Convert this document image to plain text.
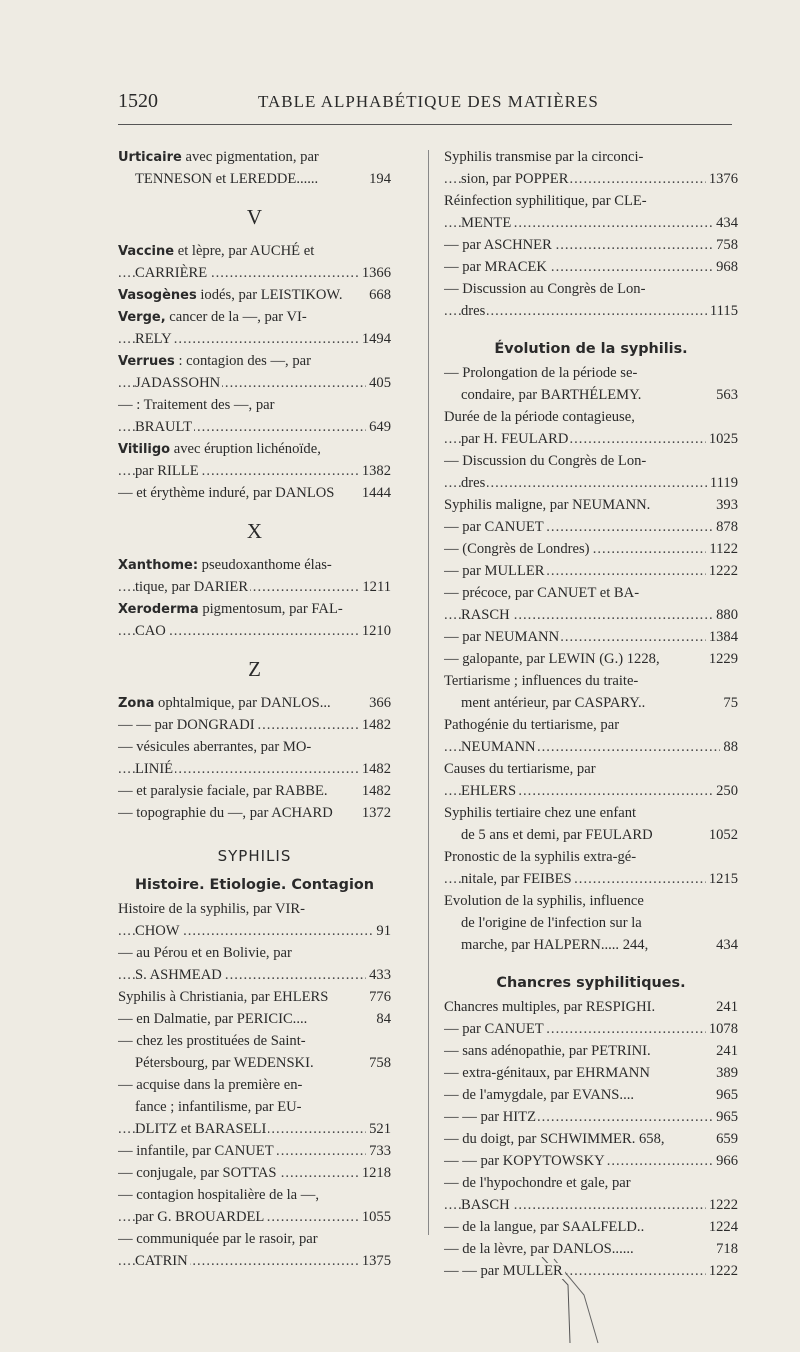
1520	TABLE ALPHABÉTIQUE DES MATIÈRES
Urticaire avec pigmentation, par
TENNESON et LEREDDE......	194
V
Vaccine et lèpre, par AUCHÉ et
..... CARRIÈRE	1366
Vasogènes iodés, par LEISTIKOW. 668
Verge, cancer de la —, par VI-
..... RELY	1494
Verrues : contagion des —, par
..... JADASSOHN	405
— : Traitement des —, par
..... BRAULT	649
Vitiligo avec éruption lichénoïde,
..... par RILLE	1382
— et érythème induré, par DANLOS 1444
X
Xanthome: pseudoxanthome élas-
..... tique, par DARIER	1211
Xeroderma pigmentosum, par FAL-
..... CAO	1210
Z
Zona ophtalmique, par DANLOS...	366
..... — — par DONGRADI	1482
— vésicules aberrantes, par MO-
..... LINIÉ	1482
— et paralysie faciale, par RABBE. 1482
— topographie du —, par ACHARD 1372
SYPHILIS
Histoire. Etiologie. Contagion
Histoire de la syphilis, par VIR-
..... CHOW	91
— au Pérou et en Bolivie, par
..... S. ASHMEAD	433
Syphilis à Christiania, par EHLERS	776
— en Dalmatie, par PERICIC....	84
— chez les prostituées de Saint-
Pétersbourg, par WEDENSKI.	758
— acquise dans la première en-
fance ; infantilisme, par EU-
..... DLITZ et BARASELI	521
..... — infantile, par CANUET	733
..... — conjugale, par SOTTAS	1218
— contagion hospitalière de la —,
..... par G. BROUARDEL	1055
— communiquée par le rasoir, par
..... CATRIN	1375
Syphilis transmise par la circonci-
..... sion, par POPPER	1376
Réinfection syphilitique, par CLE-
..... MENTE	434
..... — par ASCHNER	758
..... — par MRACEK	968
— Discussion au Congrès de Lon-
..... dres	1115
Évolution de la syphilis.
— Prolongation de la période se-
condaire, par BARTHÉLEMY.	563
Durée de la période contagieuse,
..... par H. FEULARD	1025
— Discussion du Congrès de Lon-
..... dres	1119
Syphilis maligne, par NEUMANN.	393
..... — par CANUET	878
..... — (Congrès de Londres)	1122
..... — par MULLER	1222
— précoce, par CANUET et BA-
..... RASCH	880
..... — par NEUMANN	1384
— galopante, par LEWIN (G.) 1228,	1229
Tertiarisme ; influences du traite-
ment antérieur, par CASPARY..	75
Pathogénie du tertiarisme, par
..... NEUMANN	88
Causes du tertiarisme, par
..... EHLERS	250
Syphilis tertiaire chez une enfant
de 5 ans et demi, par FEULARD	1052
Pronostic de la syphilis extra-gé-
..... nitale, par FEIBES	1215
Evolution de la syphilis, influence
de l'origine de l'infection sur la
marche, par HALPERN..... 244,	434
Chancres syphilitiques.
Chancres multiples, par RESPIGHI.	241
..... — par CANUET	1078
— sans adénopathie, par PETRINI.	241
— extra-génitaux, par EHRMANN	389
— de l'amygdale, par EVANS....	965
..... — — par HITZ	965
— du doigt, par SCHWIMMER. 658,	659
..... — — par KOPYTOWSKY	966
— de l'hypochondre et gale, par
..... BASCH	1222
— de la langue, par SAALFELD..	1224
— de la lèvre, par DANLOS......	718
..... — — par MULLER	1222
